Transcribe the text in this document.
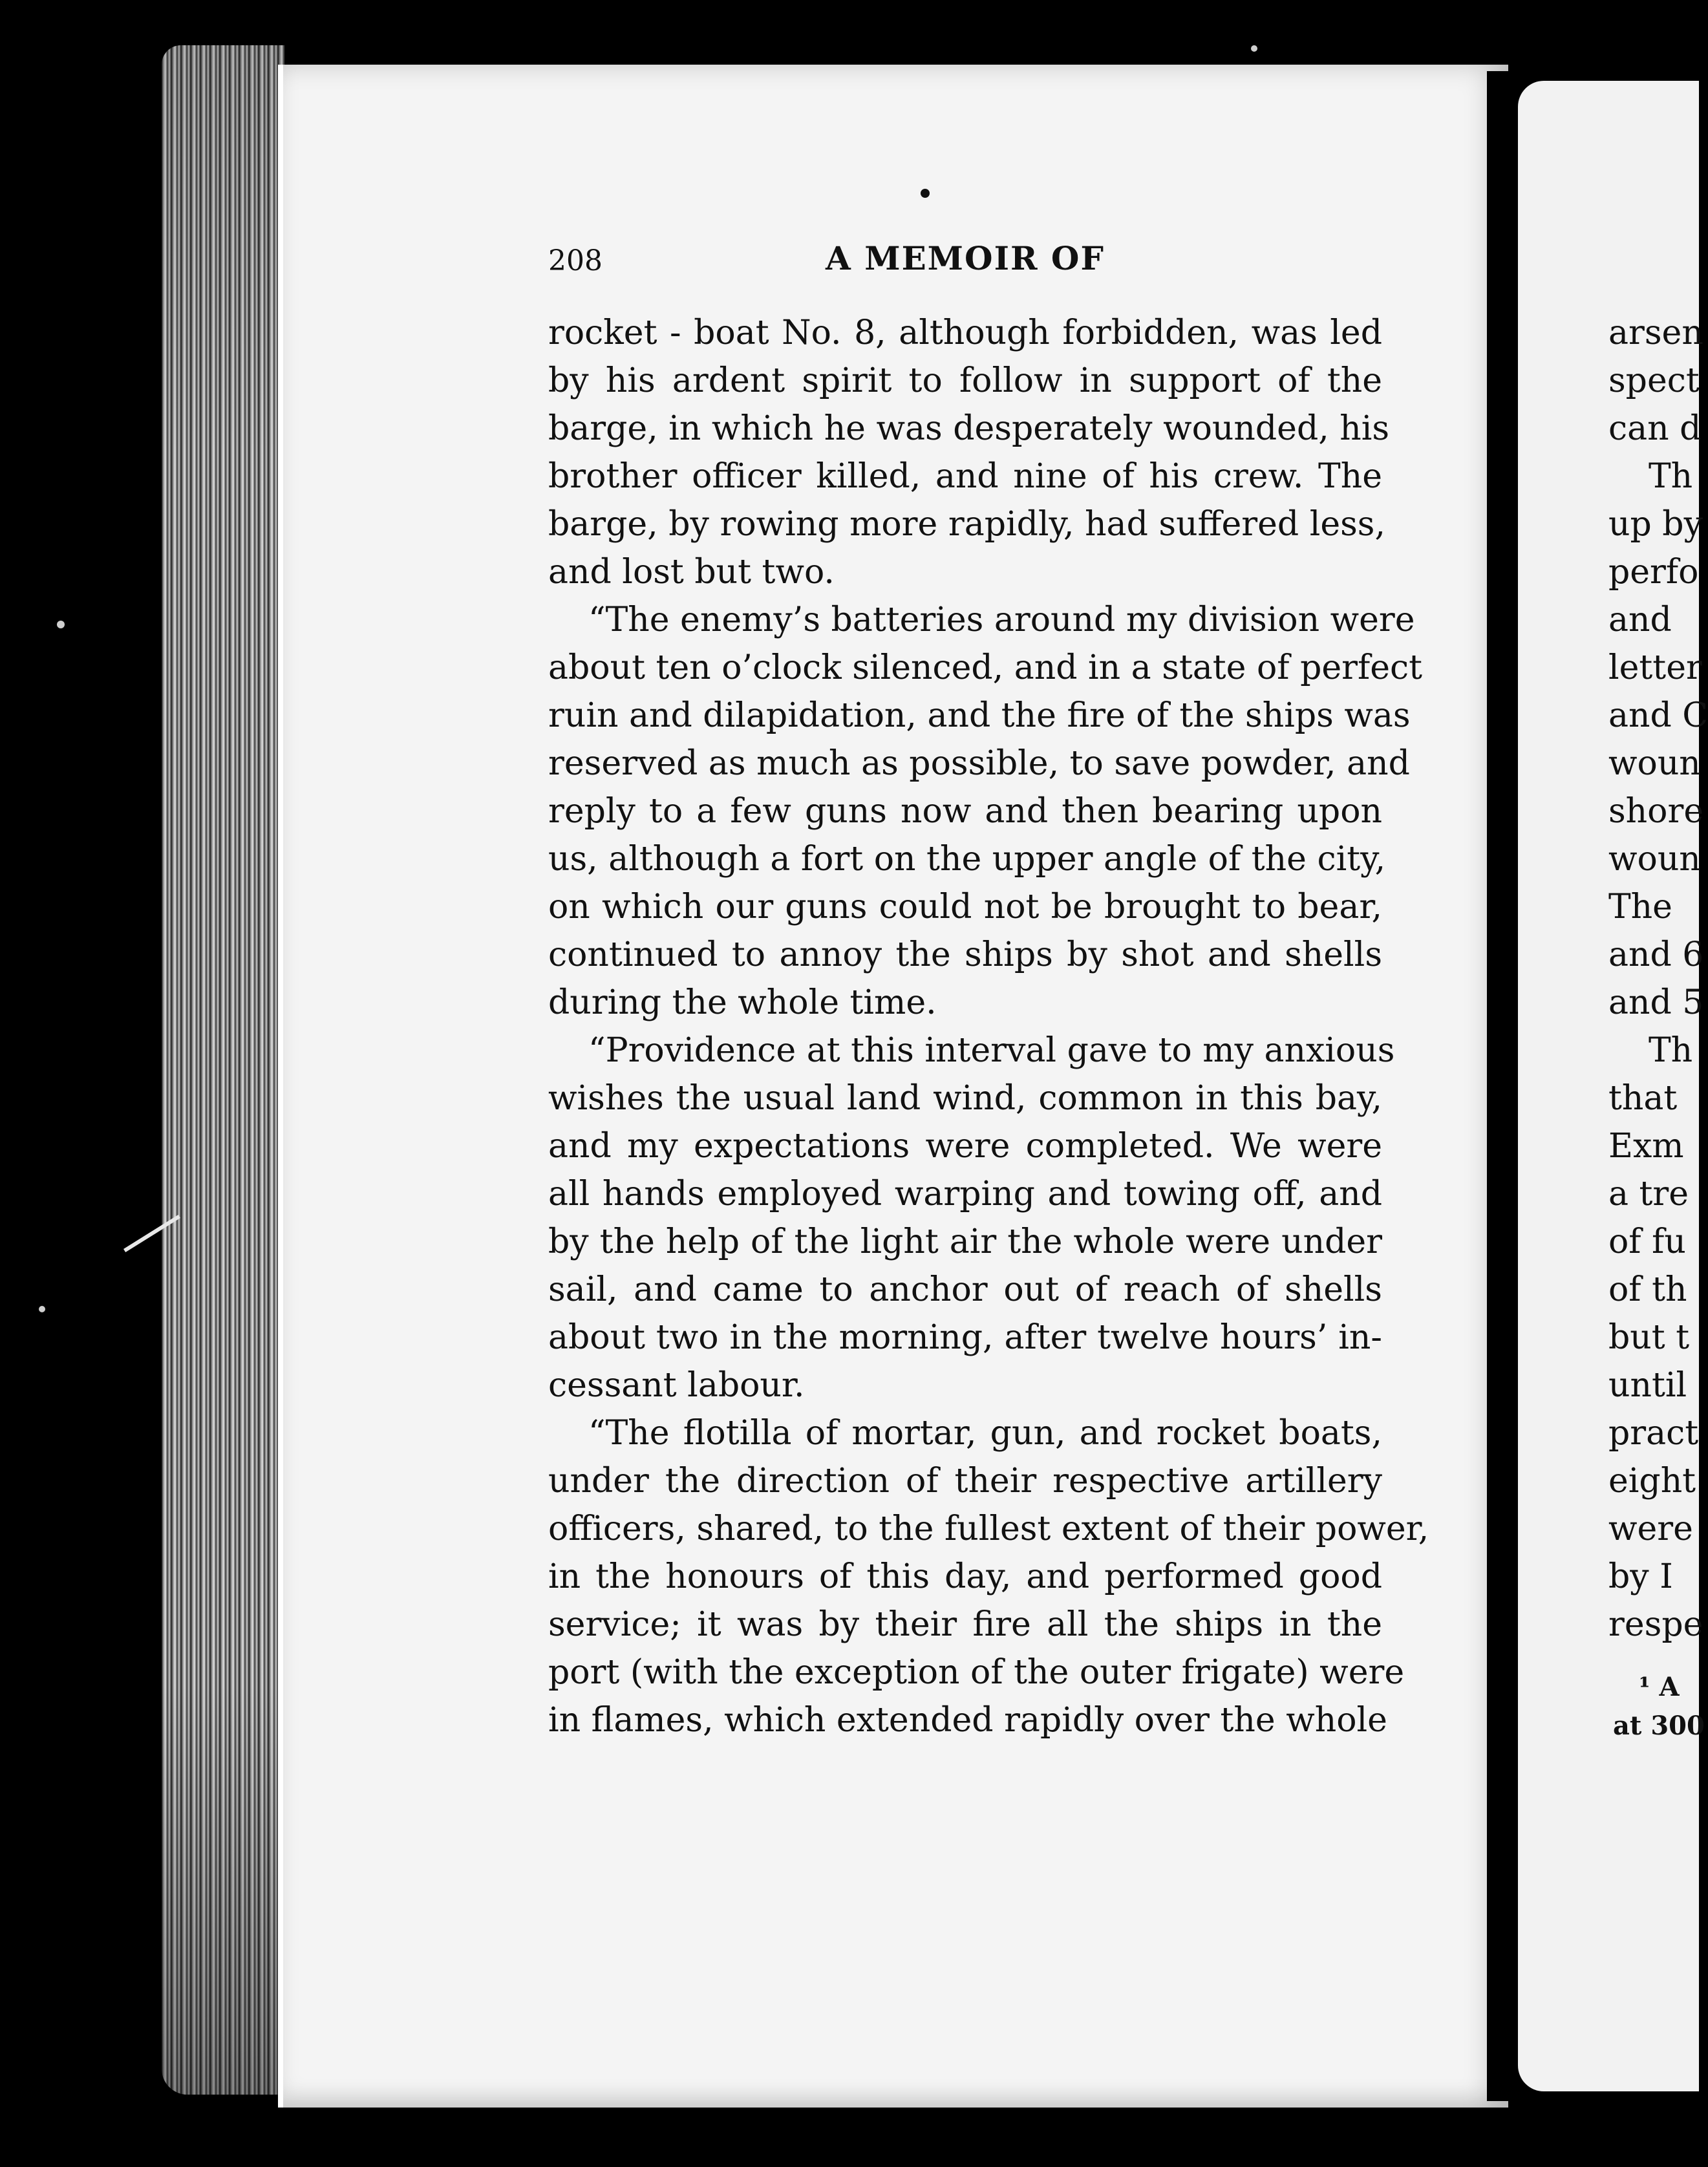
208	A MEMOIR OF
rocket - boat No. 8, although forbidden, was led
by his ardent spirit to follow in support of the
barge, in which he was desperately wounded, his
brother officer killed, and nine of his crew. The
barge, by rowing more rapidly, had suffered less,
and lost but two.
“The enemy’s batteries around my division were
about ten o’clock silenced, and in a state of perfect
ruin and dilapidation, and the fire of the ships was
reserved as much as possible, to save powder, and
reply to a few guns now and then bearing upon
us, although a fort on the upper angle of the city,
on which our guns could not be brought to bear,
continued to annoy the ships by shot and shells
during the whole time.
“Providence at this interval gave to my anxious
wishes the usual land wind, common in this bay,
and my expectations were completed. We were
all hands employed warping and towing off, and
by the help of the light air the whole were under
sail, and came to anchor out of reach of shells
about two in the morning, after twelve hours’ in-
cessant labour.
“The flotilla of mortar, gun, and rocket boats,
under the direction of their respective artillery
officers, shared, to the fullest extent of their power,
in the honours of this day, and performed good
service; it was by their fire all the ships in the
port (with the exception of the outer frigate) were
in flames, which extended rapidly over the whole
arsen
spect
can d
Th
up by
perfo
and
letter
and C
woun
shore
woun
The
and 6
and 5
Th
that
Exm
a tre
of fu
of th
but t
until
pract
eight
were
by I
respe
¹ A
at 300
